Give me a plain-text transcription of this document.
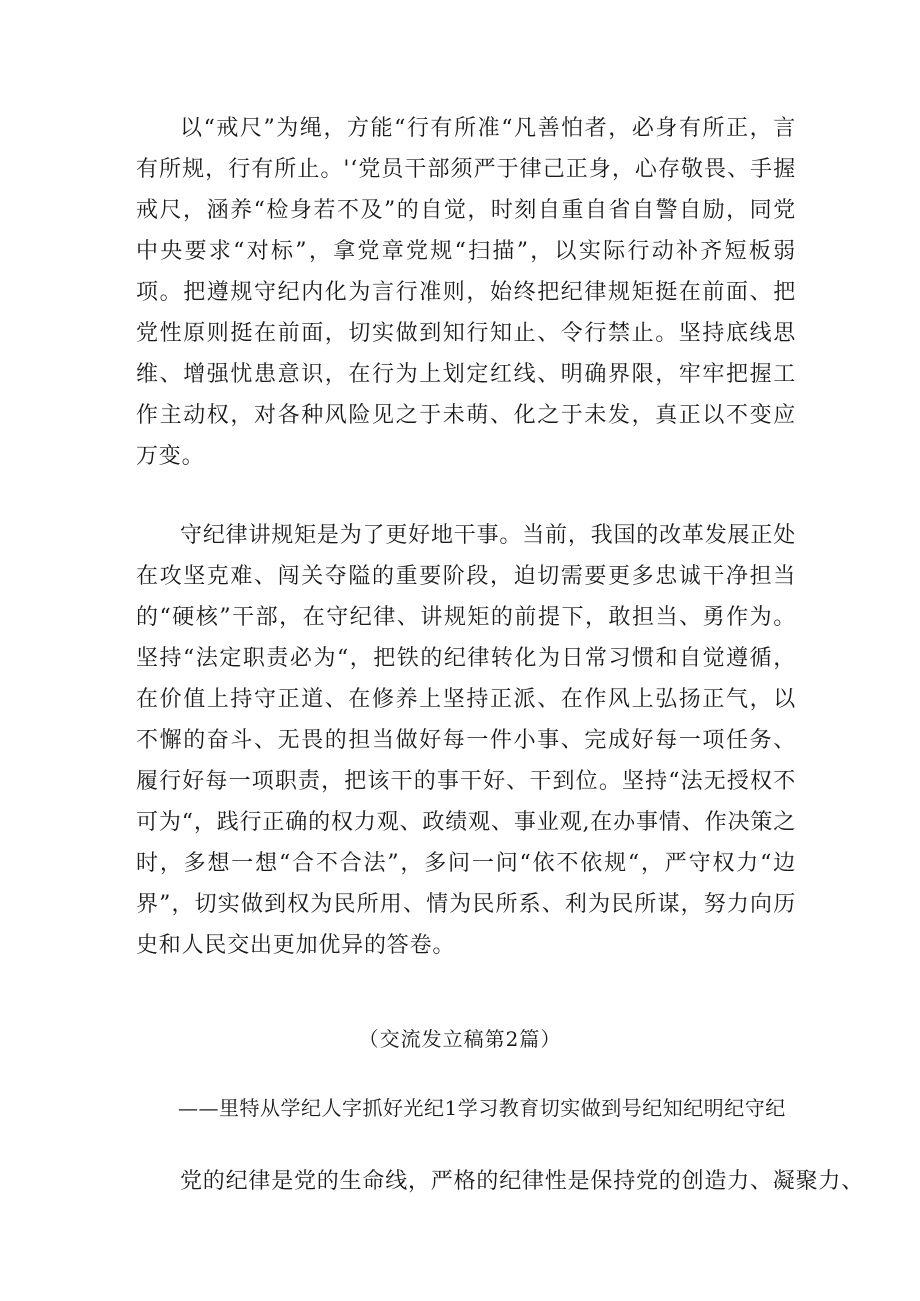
以“戒尺”为绳，方能“行有所准“凡善怕者，必身有所正，言有所规，行有所止。'‘党员干部须严于律己正身，心存敬畏、手握戒尺，涵养“检身若不及”的自觉，时刻自重自省自警自励，同党中央要求“对标”，拿党章党规“扫描”，以实际行动补齐短板弱项。把遵规守纪内化为言行准则，始终把纪律规矩挺在前面、把党性原则挺在前面，切实做到知行知止、令行禁止。坚持底线思维、增强忧患意识，在行为上划定红线、明确界限，牢牢把握工作主动权，对各种风险见之于未萌、化之于未发，真正以不变应万变。

守纪律讲规矩是为了更好地干事。当前，我国的改革发展正处在攻坚克难、闯关夺隘的重要阶段，迫切需要更多忠诚干净担当的“硬核”干部，在守纪律、讲规矩的前提下，敢担当、勇作为。坚持“法定职责必为“，把铁的纪律转化为日常习惯和自觉遵循，在价值上持守正道、在修养上坚持正派、在作风上弘扬正气，以不懈的奋斗、无畏的担当做好每一件小事、完成好每一项任务、履行好每一项职责，把该干的事干好、干到位。坚持“法无授权不可为“，践行正确的权力观、政绩观、事业观,在办事情、作决策之时，多想一想“合不合法”，多问一问“依不依规“，严守权力“边界”，切实做到权为民所用、情为民所系、利为民所谋，努力向历史和人民交出更加优异的答卷。

（交流发立稿第2篇）

——里特从学纪人字抓好光纪1学习教育切实做到号纪知纪明纪守纪

党的纪律是党的生命线，严格的纪律性是保持党的创造力、凝聚力、
